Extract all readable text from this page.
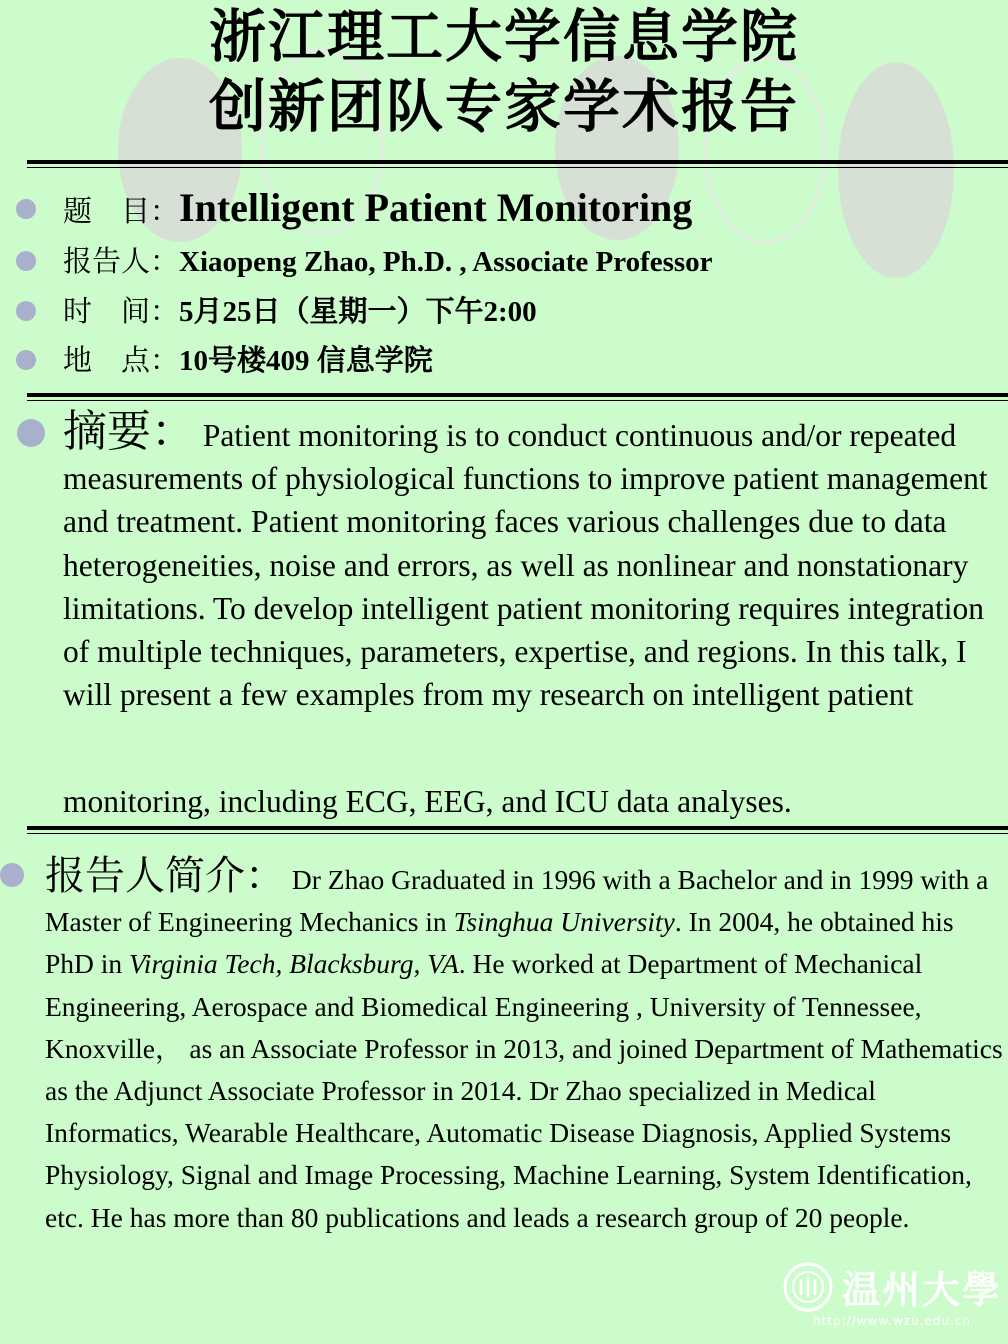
浙江理工大学信息学院
创新团队专家学术报告
题　目：Intelligent Patient Monitoring
报告人：Xiaopeng Zhao, Ph.D. , Associate Professor
时　间：5月25日（星期一）下午2:00
地　点：10号楼409 信息学院
摘要： Patient monitoring is to conduct continuous and/or repeated measurements of physiological functions to improve patient management and treatment. Patient monitoring faces various challenges due to data heterogeneities, noise and errors, as well as nonlinear and nonstationary limitations. To develop intelligent patient monitoring requires integration of multiple techniques, parameters, expertise, and regions. In this talk, I will present a few examples from my research on intelligent patient
monitoring, including ECG, EEG, and ICU data analyses.
报告人简介： Dr Zhao Graduated in 1996 with a Bachelor and in 1999 with a Master of Engineering Mechanics in Tsinghua University. In 2004, he obtained his PhD in Virginia Tech, Blacksburg, VA. He worked at Department of Mechanical Engineering, Aerospace and Biomedical Engineering , University of Tennessee, Knoxville， as an Associate Professor in 2013, and joined Department of Mathematics as the Adjunct Associate Professor in 2014. Dr Zhao specialized in Medical Informatics, Wearable Healthcare, Automatic Disease Diagnosis, Applied Systems Physiology, Signal and Image Processing, Machine Learning, System Identification, etc. He has more than 80 publications and leads a research group of 20 people.
温州大學
http://www.wzu.edu.cn
